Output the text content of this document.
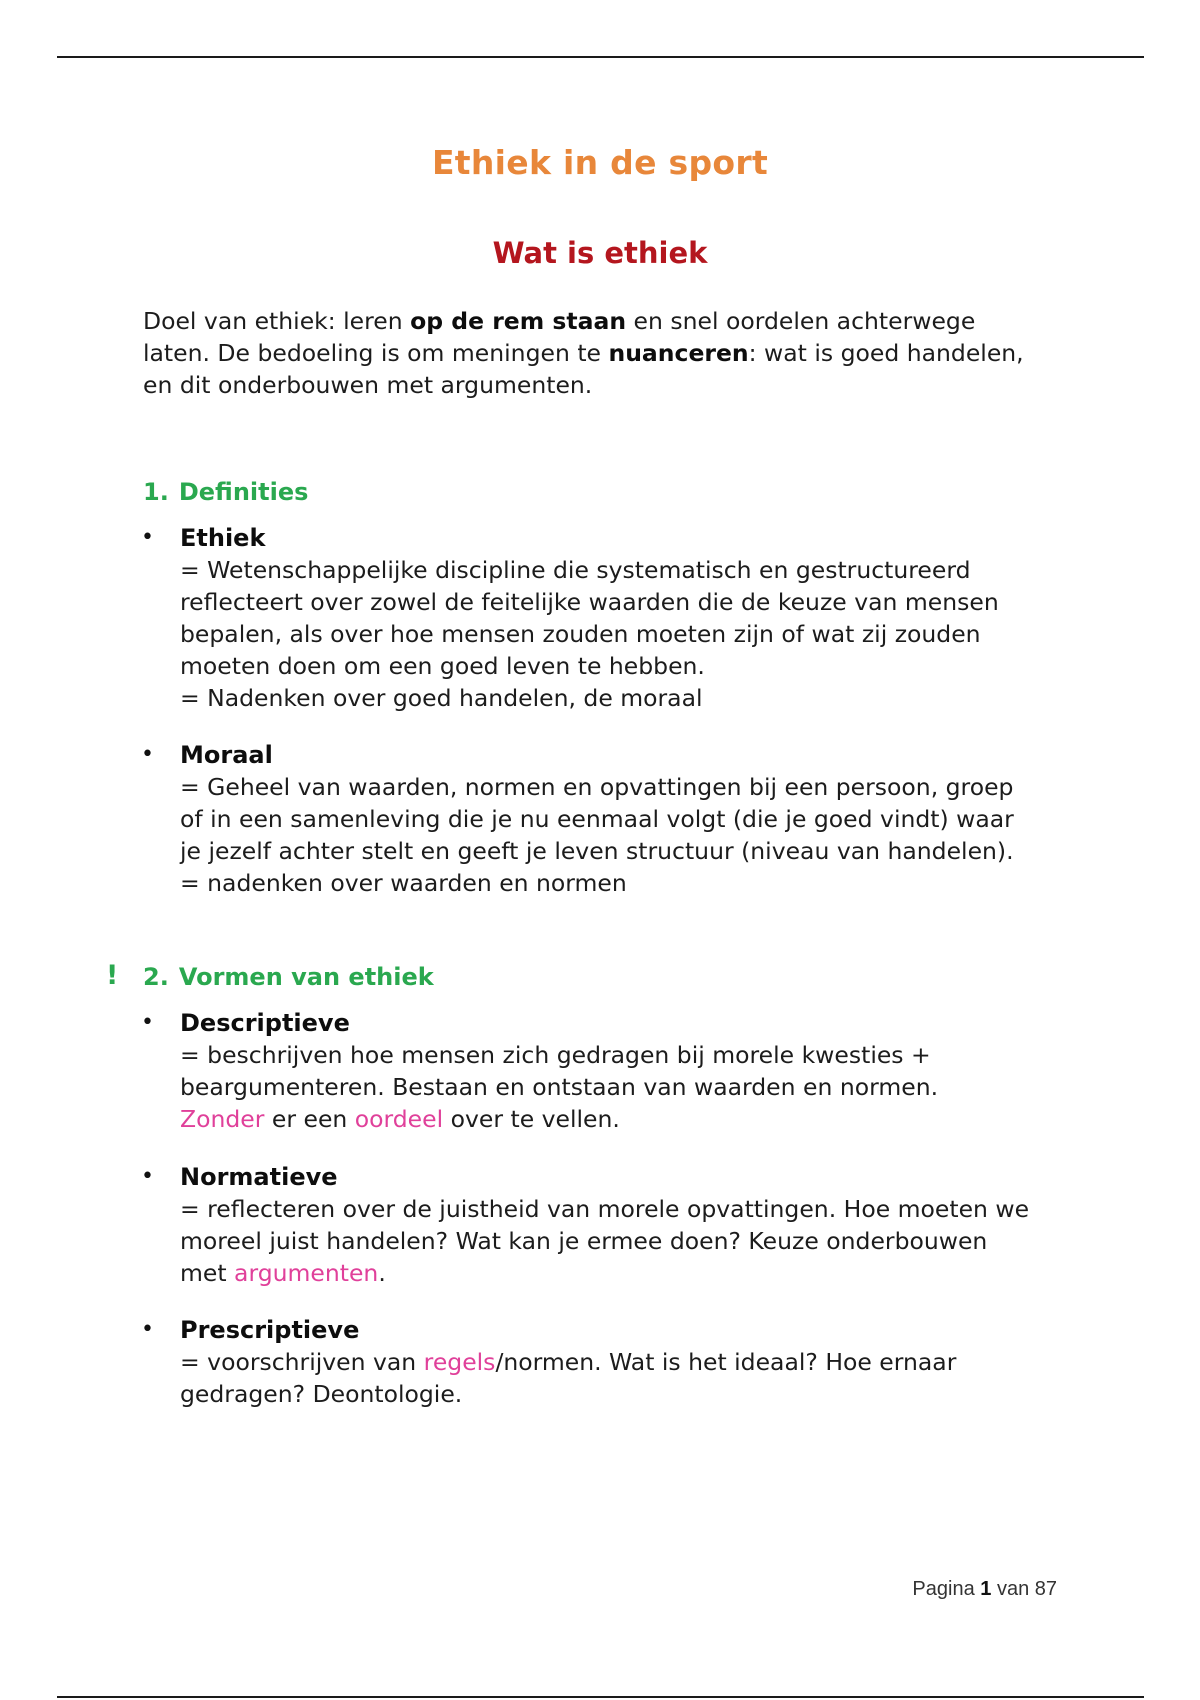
Ethiek in de sport
Wat is ethiek
Doel van ethiek: leren op de rem staan en snel oordelen achterwege
laten. De bedoeling is om meningen te nuanceren: wat is goed handelen,
en dit onderbouwen met argumenten.
1. Definities
• Ethiek
= Wetenschappelijke discipline die systematisch en gestructureerd
reflecteert over zowel de feitelijke waarden die de keuze van mensen
bepalen, als over hoe mensen zouden moeten zijn of wat zij zouden
moeten doen om een goed leven te hebben.
= Nadenken over goed handelen, de moraal
• Moraal
= Geheel van waarden, normen en opvattingen bij een persoon, groep
of in een samenleving die je nu eenmaal volgt (die je goed vindt) waar
je jezelf achter stelt en geeft je leven structuur (niveau van handelen).
= nadenken over waarden en normen
! 2. Vormen van ethiek
• Descriptieve
= beschrijven hoe mensen zich gedragen bij morele kwesties +
beargumenteren. Bestaan en ontstaan van waarden en normen.
Zonder er een oordeel over te vellen.
• Normatieve
= reflecteren over de juistheid van morele opvattingen. Hoe moeten we
moreel juist handelen? Wat kan je ermee doen? Keuze onderbouwen
met argumenten.
• Prescriptieve
= voorschrijven van regels/normen. Wat is het ideaal? Hoe ernaar
gedragen? Deontologie.
Pagina 1 van 87
